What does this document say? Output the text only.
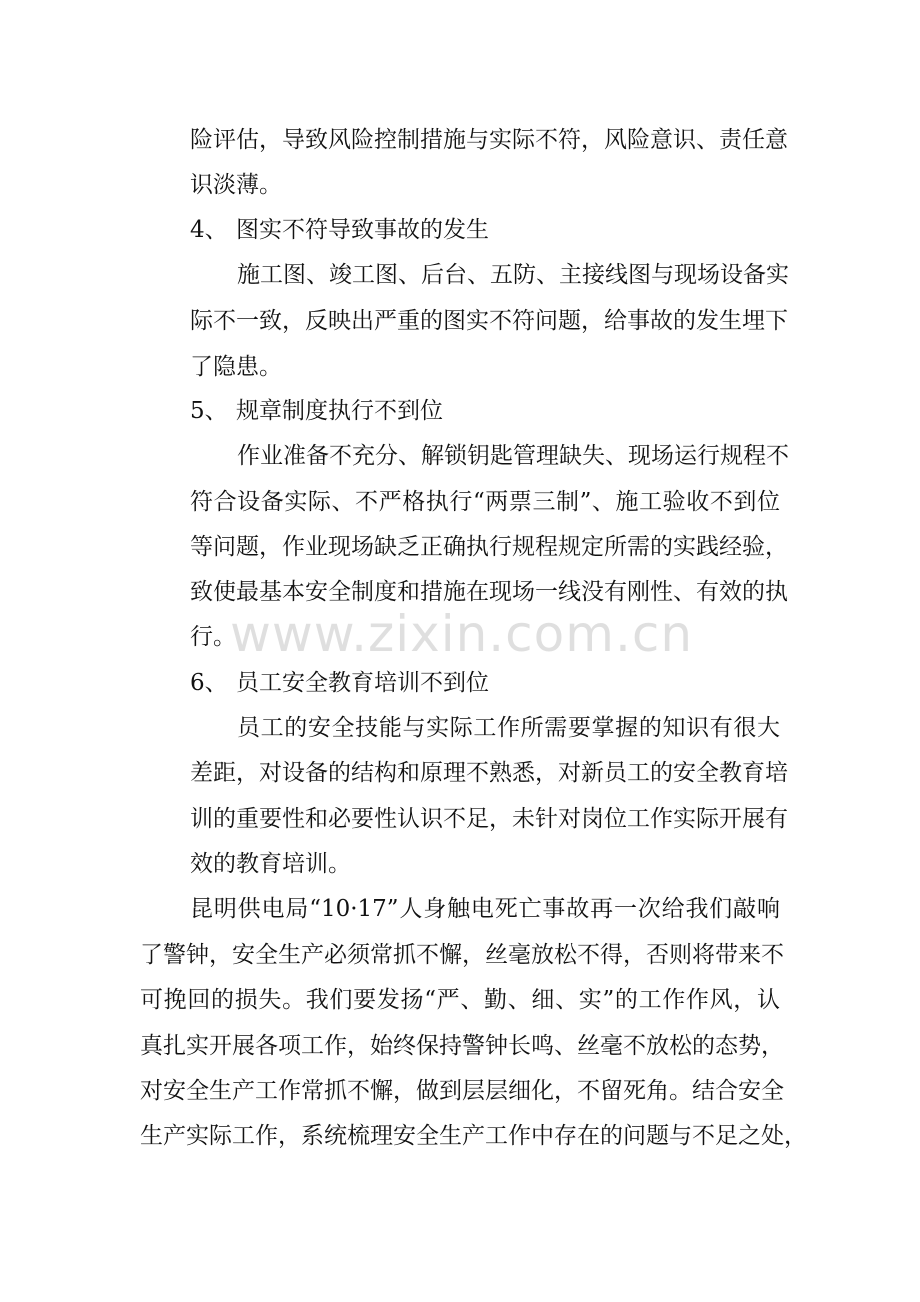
险评估，导致风险控制措施与实际不符，风险意识、责任意
识淡薄。
4、 图实不符导致事故的发生
施工图、竣工图、后台、五防、主接线图与现场设备实
际不一致，反映出严重的图实不符问题，给事故的发生埋下
了隐患。
5、 规章制度执行不到位
作业准备不充分、解锁钥匙管理缺失、现场运行规程不
符合设备实际、不严格执行“两票三制”、施工验收不到位
等问题，作业现场缺乏正确执行规程规定所需的实践经验，
致使最基本安全制度和措施在现场一线没有刚性、有效的执
行。
www.zixin.com.cn
6、 员工安全教育培训不到位
员工的安全技能与实际工作所需要掌握的知识有很大
差距，对设备的结构和原理不熟悉，对新员工的安全教育培
训的重要性和必要性认识不足，未针对岗位工作实际开展有
效的教育培训。
昆明供电局“10·17”人身触电死亡事故再一次给我们敲响
了警钟，安全生产必须常抓不懈，丝毫放松不得，否则将带来不
可挽回的损失。我们要发扬“严、勤、细、实”的工作作风，认
真扎实开展各项工作，始终保持警钟长鸣、丝毫不放松的态势，
对安全生产工作常抓不懈，做到层层细化，不留死角。结合安全
生产实际工作，系统梳理安全生产工作中存在的问题与不足之处，
